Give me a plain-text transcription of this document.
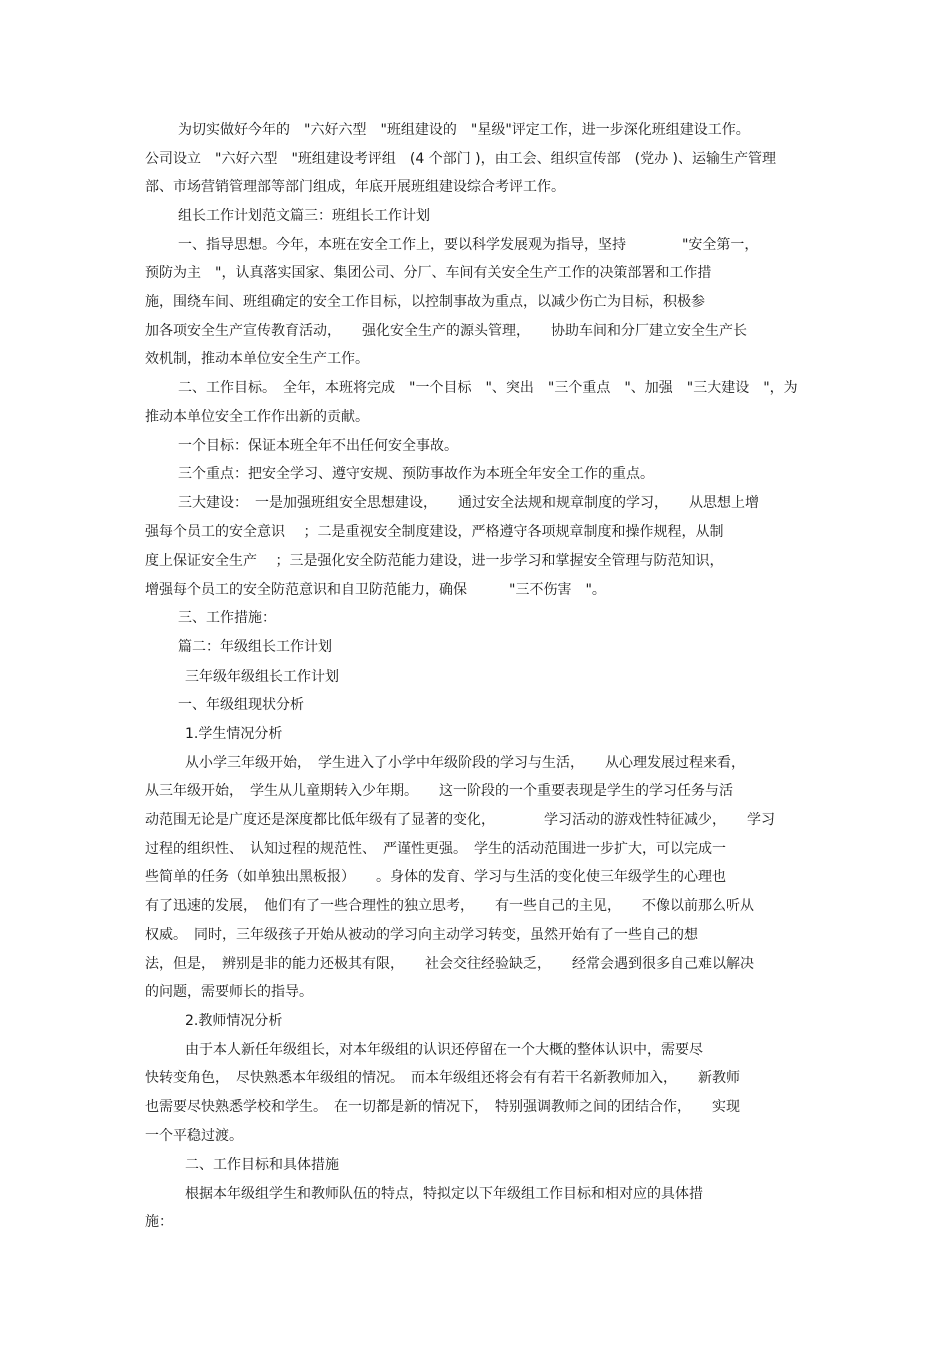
为切实做好今年的　"六好六型　"班组建设的　"星级"评定工作，进一步深化班组建设工作。
公司设立　"六好六型　"班组建设考评组　(4 个部门 )，由工会、组织宣传部　(党办 )、运输生产管理
部、市场营销管理部等部门组成，年底开展班组建设综合考评工作。
组长工作计划范文篇三：班组长工作计划
一、指导思想。今年，本班在安全工作上，要以科学发展观为指导，坚持　　　　"安全第一，
预防为主　"，认真落实国家、集团公司、分厂、车间有关安全生产工作的决策部署和工作措
施，围绕车间、班组确定的安全工作目标，以控制事故为重点，以减少伤亡为目标，积极参
加各项安全生产宣传教育活动，　　强化安全生产的源头管理，　　协助车间和分厂建立安全生产长
效机制，推动本单位安全生产工作。
二、工作目标。　全年，本班将完成　"一个目标　"、突出　"三个重点　"、加强　"三大建设　"，为
推动本单位安全工作作出新的贡献。
一个目标：保证本班全年不出任何安全事故。
三个重点：把安全学习、遵守安规、预防事故作为本班全年安全工作的重点。
三大建设：　一是加强班组安全思想建设，　　通过安全法规和规章制度的学习，　　从思想上增
强每个员工的安全意识　 ；二是重视安全制度建设，严格遵守各项规章制度和操作规程，从制
度上保证安全生产　 ；三是强化安全防范能力建设，进一步学习和掌握安全管理与防范知识，
增强每个员工的安全防范意识和自卫防范能力，确保　　　"三不伤害　"。
三、工作措施：
篇二：年级组长工作计划
三年级年级组长工作计划
一、年级组现状分析
1.学生情况分析
从小学三年级开始，　学生进入了小学中年级阶段的学习与生活，　　从心理发展过程来看，
从三年级开始，　学生从儿童期转入少年期。　　这一阶段的一个重要表现是学生的学习任务与活
动范围无论是广度还是深度都比低年级有了显著的变化，　　　　学习活动的游戏性特征减少，　　学习
过程的组织性、　认知过程的规范性、　严谨性更强。　学生的活动范围进一步扩大，可以完成一
些简单的任务（如单独出黑板报）　　。身体的发育、学习与生活的变化使三年级学生的心理也
有了迅速的发展，　他们有了一些合理性的独立思考，　　有一些自己的主见，　　不像以前那么听从
权威。　同时，三年级孩子开始从被动的学习向主动学习转变，虽然开始有了一些自己的想
法，但是，　辨别是非的能力还极其有限，　　社会交往经验缺乏，　　经常会遇到很多自己难以解决
的问题，需要师长的指导。
2.教师情况分析
由于本人新任年级组长，对本年级组的认识还停留在一个大概的整体认识中，需要尽
快转变角色，　尽快熟悉本年级组的情况。　而本年级组还将会有有若干名新教师加入，　　新教师
也需要尽快熟悉学校和学生。　在一切都是新的情况下，　特别强调教师之间的团结合作，　　实现
一个平稳过渡。
二、工作目标和具体措施
根据本年级组学生和教师队伍的特点，特拟定以下年级组工作目标和相对应的具体措
施：
